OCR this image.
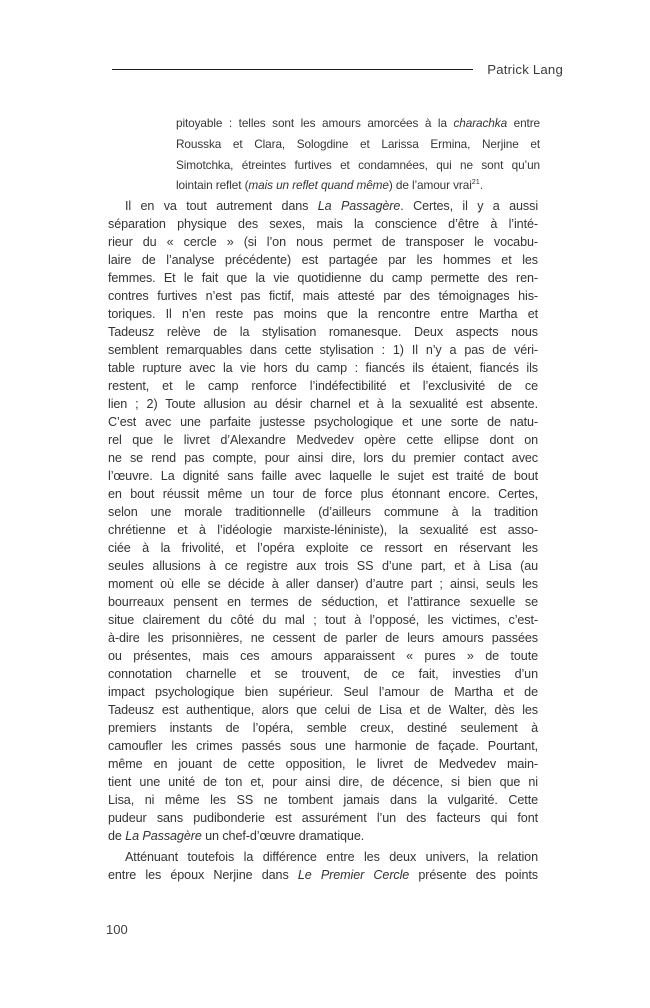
Patrick Lang
pitoyable : telles sont les amours amorcées à la charachka entre
Rousska et Clara, Sologdine et Larissa Ermina, Nerjine et
Simotchka, étreintes furtives et condamnées, qui ne sont qu’un
lointain reflet (mais un reflet quand même) de l’amour vrai$^{21}$.
Il en va tout autrement dans La Passagère. Certes, il y a aussi
séparation physique des sexes, mais la conscience d’être à l’inté-
rieur du « cercle » (si l’on nous permet de transposer le vocabu-
laire de l’analyse précédente) est partagée par les hommes et les
femmes. Et le fait que la vie quotidienne du camp permette des ren-
contres furtives n’est pas fictif, mais attesté par des témoignages his-
toriques. Il n’en reste pas moins que la rencontre entre Martha et
Tadeusz relève de la stylisation romanesque. Deux aspects nous
semblent remarquables dans cette stylisation : 1) Il n’y a pas de véri-
table rupture avec la vie hors du camp : fiancés ils étaient, fiancés ils
restent, et le camp renforce l’indéfectibilité et l’exclusivité de ce
lien ; 2) Toute allusion au désir charnel et à la sexualité est absente.
C’est avec une parfaite justesse psychologique et une sorte de natu-
rel que le livret d’Alexandre Medvedev opère cette ellipse dont on
ne se rend pas compte, pour ainsi dire, lors du premier contact avec
l’œuvre. La dignité sans faille avec laquelle le sujet est traité de bout
en bout réussit même un tour de force plus étonnant encore. Certes,
selon une morale traditionnelle (d’ailleurs commune à la tradition
chrétienne et à l’idéologie marxiste-léniniste), la sexualité est asso-
ciée à la frivolité, et l’opéra exploite ce ressort en réservant les
seules allusions à ce registre aux trois SS d’une part, et à Lisa (au
moment où elle se décide à aller danser) d’autre part ; ainsi, seuls les
bourreaux pensent en termes de séduction, et l’attirance sexuelle se
situe clairement du côté du mal ; tout à l’opposé, les victimes, c’est-
à-dire les prisonnières, ne cessent de parler de leurs amours passées
ou présentes, mais ces amours apparaissent « pures » de toute
connotation charnelle et se trouvent, de ce fait, investies d’un
impact psychologique bien supérieur. Seul l’amour de Martha et de
Tadeusz est authentique, alors que celui de Lisa et de Walter, dès les
premiers instants de l’opéra, semble creux, destiné seulement à
camoufler les crimes passés sous une harmonie de façade. Pourtant,
même en jouant de cette opposition, le livret de Medvedev main-
tient une unité de ton et, pour ainsi dire, de décence, si bien que ni
Lisa, ni même les SS ne tombent jamais dans la vulgarité. Cette
pudeur sans pudibonderie est assurément l’un des facteurs qui font
de La Passagère un chef-d’œuvre dramatique.
Atténuant toutefois la différence entre les deux univers, la relation
entre les époux Nerjine dans Le Premier Cercle présente des points
100
